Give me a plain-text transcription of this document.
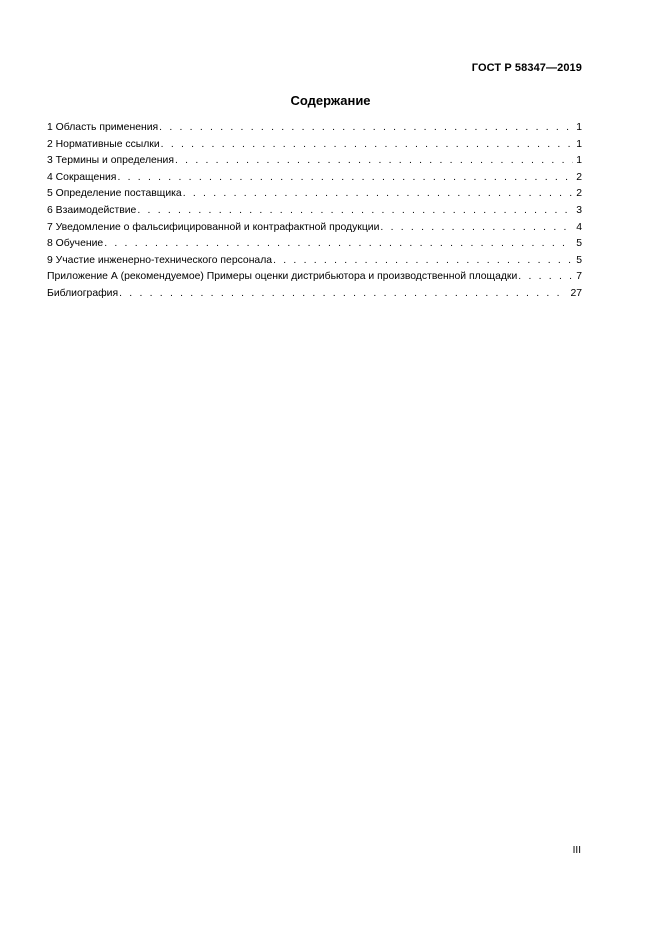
ГОСТ Р 58347—2019
Содержание
1 Область применения . . .	1
2 Нормативные ссылки . . .	1
3 Термины и определения . . .	1
4 Сокращения . . .	2
5 Определение поставщика . . .	2
6 Взаимодействие . . .	3
7 Уведомление о фальсифицированной и контрафактной продукции . . .	4
8 Обучение . . .	5
9 Участие инженерно-технического персонала . . .	5
Приложение А (рекомендуемое) Примеры оценки дистрибьютора и производственной площадки . . .	7
Библиография . . .	27
III
